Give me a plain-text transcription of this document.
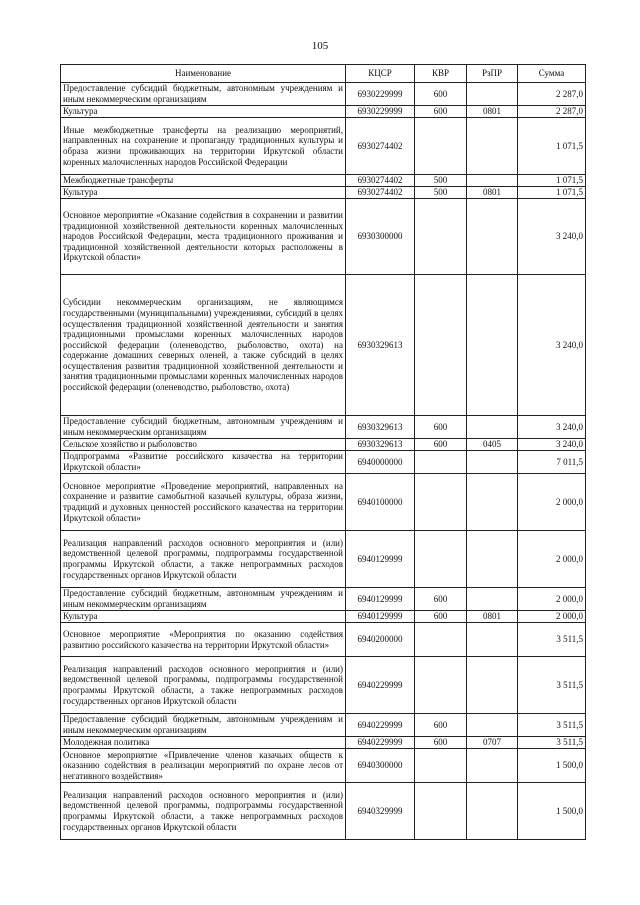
105
Наименование	КЦСР	КВР	РзПР	Сумма
Предоставление субсидий бюджетным, автономным учреждениям и иным некоммерческим организациям	6930229999	600		2 287,0
Культура	6930229999	600	0801	2 287,0
Иные межбюджетные трансферты на реализацию мероприятий, направленных на сохранение и пропаганду традиционных культуры и образа жизни проживающих на территории Иркутской области коренных малочисленных народов Российской Федерации	6930274402			1 071,5
Межбюджетные трансферты	6930274402	500		1 071,5
Культура	6930274402	500	0801	1 071,5
Основное мероприятие «Оказание содействия в сохранении и развитии традиционной хозяйственной деятельности коренных малочисленных народов Российской Федерации, места традиционного проживания и традиционной хозяйственной деятельности которых расположены в Иркутской области»	6930300000			3 240,0
Субсидии некоммерческим организациям, не являющимся государственными (муниципальными) учреждениями, субсидий в целях осуществления традиционной хозяйственной деятельности и занятия традиционными промыслами коренных малочисленных народов российской федерации (оленеводство, рыболовство, охота) на содержание домашних северных оленей, а также субсидий в целях осуществления развития традиционной хозяйственной деятельности и занятия традиционными промыслами коренных малочисленных народов российской федерации (оленеводство, рыболовство, охота)	6930329613			3 240,0
Предоставление субсидий бюджетным, автономным учреждениям и иным некоммерческим организациям	6930329613	600		3 240,0
Сельское хозяйство и рыболовство	6930329613	600	0405	3 240,0
Подпрограмма «Развитие российского казачества на территории Иркутской области»	6940000000			7 011,5
Основное мероприятие «Проведение мероприятий, направленных на сохранение и развитие самобытной казачьей культуры, образа жизни, традиций и духовных ценностей российского казачества на территории Иркутской области»	6940100000			2 000,0
Реализация направлений расходов основного мероприятия и (или) ведомственной целевой программы, подпрограммы государственной программы Иркутской области, а также непрограммных расходов государственных органов Иркутской области	6940129999			2 000,0
Предоставление субсидий бюджетным, автономным учреждениям и иным некоммерческим организациям	6940129999	600		2 000,0
Культура	6940129999	600	0801	2 000,0
Основное мероприятие «Мероприятия по оказанию содействия развитию российского казачества на территории Иркутской области»	6940200000			3 511,5
Реализация направлений расходов основного мероприятия и (или) ведомственной целевой программы, подпрограммы государственной программы Иркутской области, а также непрограммных расходов государственных органов Иркутской области	6940229999			3 511,5
Предоставление субсидий бюджетным, автономным учреждениям и иным некоммерческим организациям	6940229999	600		3 511,5
Молодежная политика	6940229999	600	0707	3 511,5
Основное мероприятие «Привлечение членов казачьих обществ к оказанию содействия в реализации мероприятий по охране лесов от негативного воздействия»	6940300000			1 500,0
Реализация направлений расходов основного мероприятия и (или) ведомственной целевой программы, подпрограммы государственной программы Иркутской области, а также непрограммных расходов государственных органов Иркутской области	6940329999			1 500,0
